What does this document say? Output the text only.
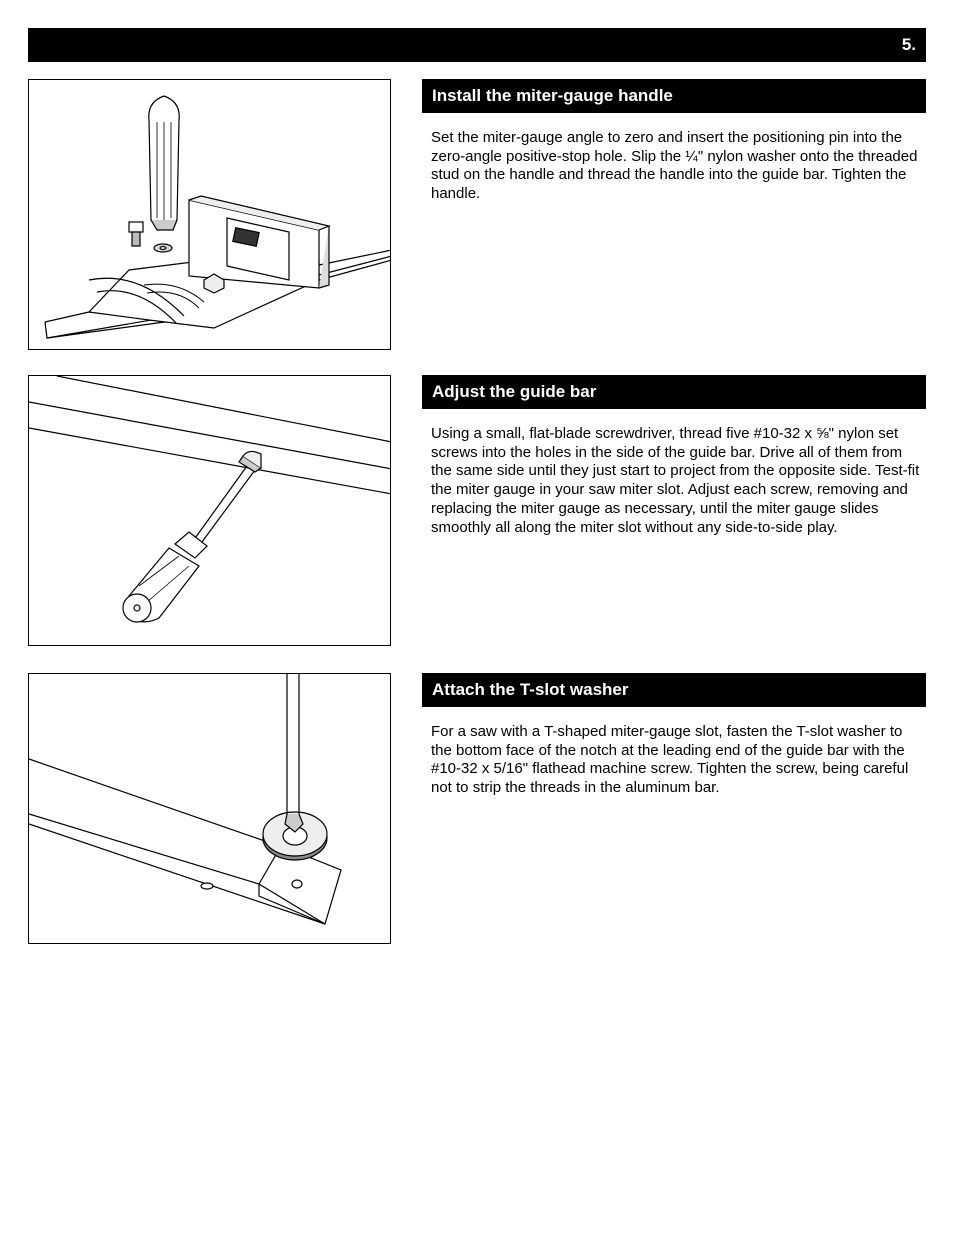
5.
Install the miter-gauge handle
Set the miter-gauge angle to zero and insert the positioning pin into the zero-angle positive-stop hole. Slip the ¼" nylon washer onto the threaded stud on the handle and thread the handle into the guide bar. Tighten the handle.
Adjust the guide bar
Using a small, flat-blade screwdriver, thread five #10-32 x ⅝" nylon set screws into the holes in the side of the guide bar. Drive all of them from the same side until they just start to project from the opposite side. Test-fit the miter gauge in your saw miter slot. Adjust each screw, removing and replacing the miter gauge as necessary, until the miter gauge slides smoothly all along the miter slot without any side-to-side play.
Attach the T-slot washer
For a saw with a T-shaped miter-gauge slot, fasten the T-slot washer to the bottom face of the notch at the leading end of the guide bar with the #10-32 x 5/16" flathead machine screw. Tighten the screw, being careful not to strip the threads in the aluminum bar.
